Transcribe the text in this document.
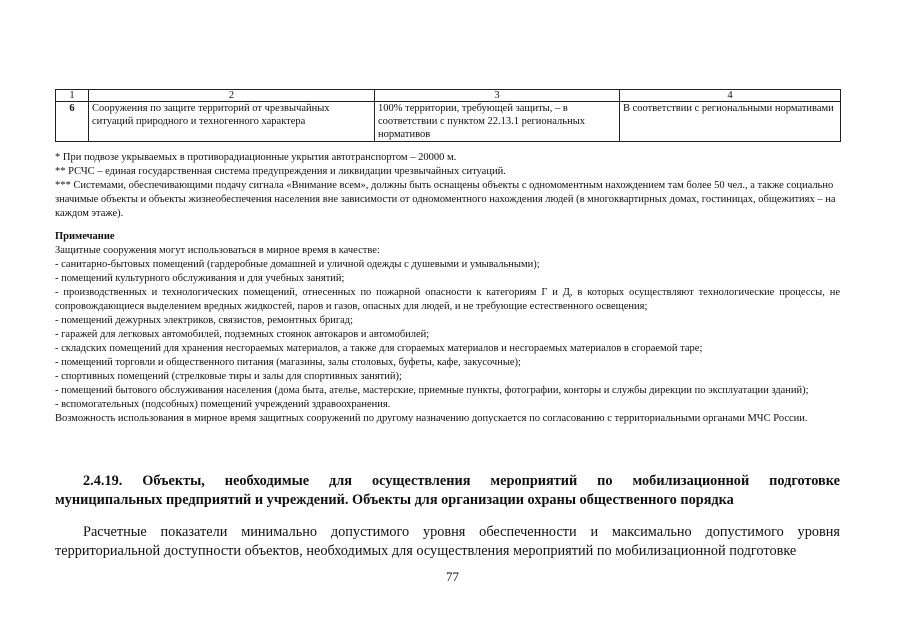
1	2	3	4
6	Сооружения по защите территорий от чрезвычайных ситуаций природного и техногенного характера	100% территории, требующей защиты, – в соответствии с пунктом 22.13.1 региональных нормативов	В соответствии с региональными нормативами

* При подвозе укрываемых в противорадиационные укрытия автотранспортом – 20000 м.

** РСЧС – единая государственная система предупреждения и ликвидации чрезвычайных ситуаций.

*** Системами, обеспечивающими подачу сигнала «Внимание всем», должны быть оснащены объекты с одномоментным нахождением там более 50 чел., а также социально значимые объекты и объекты жизнеобеспечения населения вне зависимости от одномоментного нахождения людей (в многоквартирных домах, гостиницах, общежитиях – на каждом этаже).

Примечание

Защитные сооружения могут использоваться в мирное время в качестве:

- санитарно-бытовых помещений (гардеробные домашней и уличной одежды с душевыми и умывальными);

- помещений культурного обслуживания и для учебных занятий;

- производственных и технологических помещений, отнесенных по пожарной опасности к категориям Г и Д, в которых осуществляют технологические процессы, не сопровождающиеся выделением вредных жидкостей, паров и газов, опасных для людей, и не требующие естественного освещения;

- помещений дежурных электриков, связистов, ремонтных бригад;

- гаражей для легковых автомобилей, подземных стоянок автокаров и автомобилей;

- складских помещений для хранения несгораемых материалов, а также для сгораемых материалов и несгораемых материалов в сгораемой таре;

- помещений торговли и общественного питания (магазины, залы столовых, буфеты, кафе, закусочные);

- спортивных помещений (стрелковые тиры и залы для спортивных занятий);

- помещений бытового обслуживания населения (дома быта, ателье, мастерские, приемные пункты, фотографии, конторы и службы дирекции по эксплуатации зданий);

- вспомогательных (подсобных) помещений учреждений здравоохранения.

Возможность использования в мирное время защитных сооружений по другому назначению допускается по согласованию с территориальными органами МЧС России.

2.4.19. Объекты, необходимые для осуществления мероприятий по мобилизационной подготовке

муниципальных предприятий и учреждений. Объекты для организации охраны общественного порядка

Расчетные показатели минимально допустимого уровня обеспеченности и максимально допустимого уровня

территориальной доступности объектов, необходимых для осуществления мероприятий по мобилизационной подготовке

77
